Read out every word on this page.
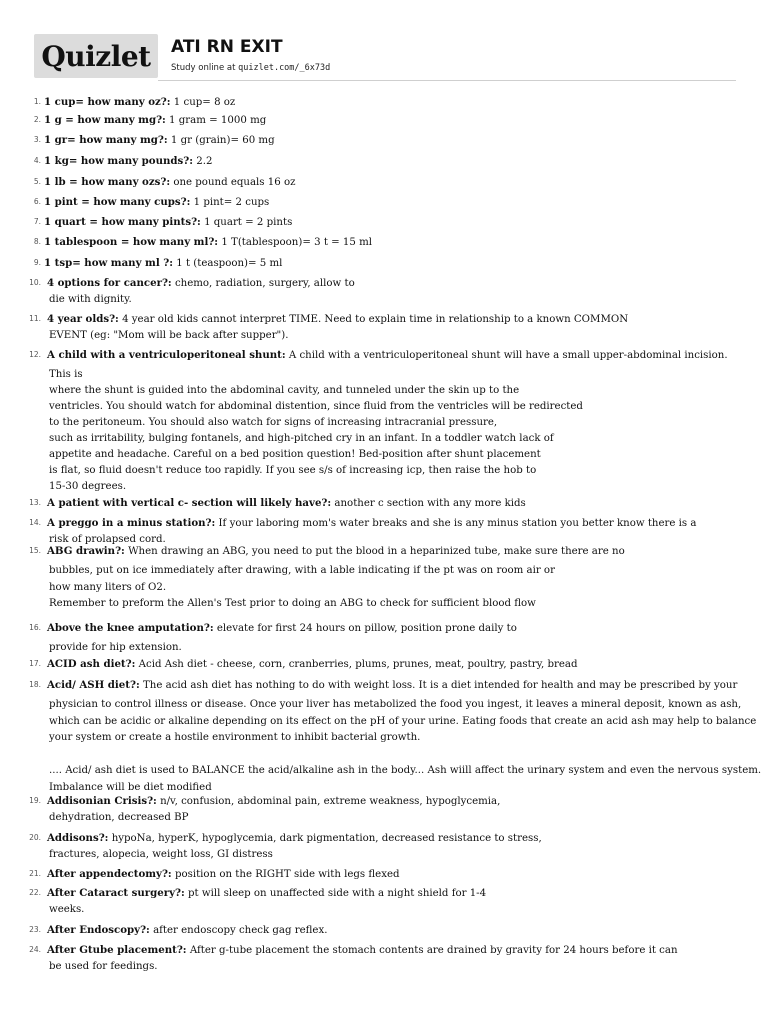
Quizlet	ATI RN EXIT
Study online at quizlet.com/_6x73d
1. 1 cup= how many oz?: 1 cup= 8 oz
2. 1 g = how many mg?: 1 gram = 1000 mg
3. 1 gr= how many mg?: 1 gr (grain)= 60 mg
4. 1 kg= how many pounds?: 2.2
5. 1 lb = how many ozs?: one pound equals 16 oz
6. 1 pint = how many cups?: 1 pint= 2 cups
7. 1 quart = how many pints?: 1 quart = 2 pints
8. 1 tablespoon = how many ml?: 1 T(tablespoon)= 3 t = 15 ml
9. 1 tsp= how many ml ?: 1 t (teaspoon)= 5 ml
10. 4 options for cancer?: chemo, radiation, surgery, allow to
die with dignity.
11. 4 year olds?: 4 year old kids cannot interpret TIME. Need to explain time in relationship to a known COMMON
EVENT (eg: "Mom will be back after supper").
12. A child with a ventriculoperitoneal shunt: A child with a ventriculoperitoneal shunt will have a small upper-abdominal incision.
This is
where the shunt is guided into the abdominal cavity, and tunneled under the skin up to the
ventricles. You should watch for abdominal distention, since fluid from the ventricles will be redirected
to the peritoneum. You should also watch for signs of increasing intracranial pressure,
such as irritability, bulging fontanels, and high-pitched cry in an infant. In a toddler watch lack of
appetite and headache. Careful on a bed position question! Bed-position after shunt placement
is flat, so fluid doesn't reduce too rapidly. If you see s/s of increasing icp, then raise the hob to
15-30 degrees.
13. A patient with vertical c- section will likely have?: another c section with any more kids
14. A preggo in a minus station?: If your laboring mom's water breaks and she is any minus station you better know there is a
risk of prolapsed cord.
15. ABG drawin?: When drawing an ABG, you need to put the blood in a heparinized tube, make sure there are no
bubbles, put on ice immediately after drawing, with a lable indicating if the pt was on room air or
how many liters of O2.
Remember to preform the Allen's Test prior to doing an ABG to check for sufficient blood flow
16. Above the knee amputation?: elevate for first 24 hours on pillow, position prone daily to
provide for hip extension.
17. ACID ash diet?: Acid Ash diet - cheese, corn, cranberries, plums, prunes, meat, poultry, pastry, bread
18. Acid/ ASH diet?: The acid ash diet has nothing to do with weight loss. It is a diet intended for health and may be prescribed by your
physician to control illness or disease. Once your liver has metabolized the food you ingest, it leaves a mineral deposit, known as ash,
which can be acidic or alkaline depending on its effect on the pH of your urine. Eating foods that create an acid ash may help to balance
your system or create a hostile environment to inhibit bacterial growth.
.... Acid/ ash diet is used to BALANCE the acid/alkaline ash in the body... Ash wiill affect the urinary system and even the nervous system.
Imbalance will be diet modified
19. Addisonian Crisis?: n/v, confusion, abdominal pain, extreme weakness, hypoglycemia,
dehydration, decreased BP
20. Addisons?: hypoNa, hyperK, hypoglycemia, dark pigmentation, decreased resistance to stress,
fractures, alopecia, weight loss, GI distress
21. After appendectomy?: position on the RIGHT side with legs flexed
22. After Cataract surgery?: pt will sleep on unaffected side with a night shield for 1-4
weeks.
23. After Endoscopy?: after endoscopy check gag reflex.
24. After Gtube placement?: After g-tube placement the stomach contents are drained by gravity for 24 hours before it can
be used for feedings.
